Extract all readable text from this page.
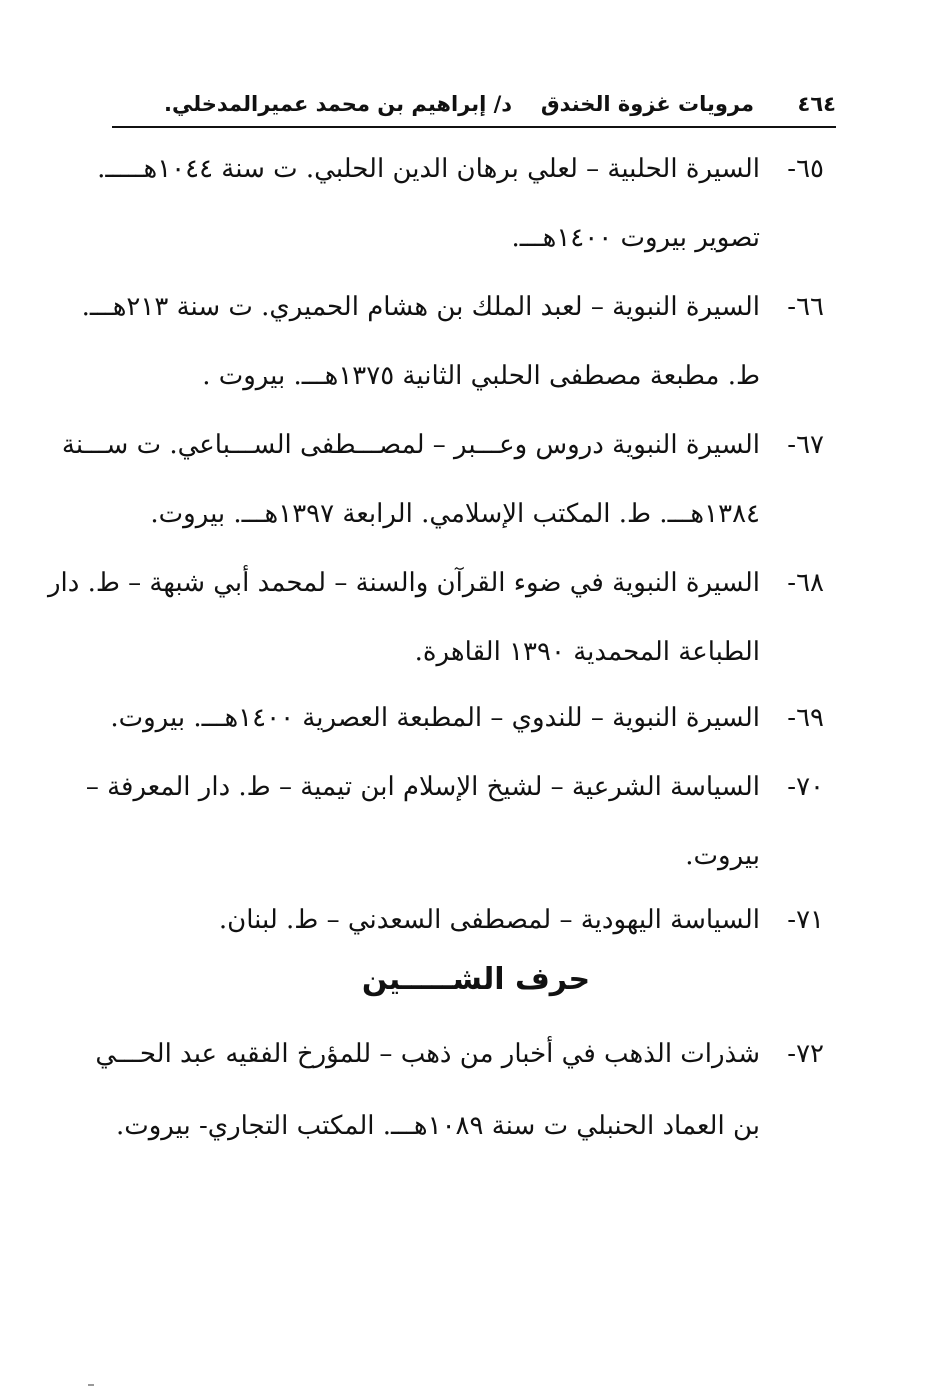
٤٦٤
مرويات غزوة الخندق
د/ إبراهيم بن محمد عميرالمدخلي.
٦٥-
السيرة الحلبية – لعلي برهان الدين الحلبي. ت سنة ١٠٤٤هـــــ.
تصوير بيروت ١٤٠٠هـــ.
٦٦-
السيرة النبوية – لعبد الملك بن هشام الحميري. ت سنة ٢١٣هـــ.
ط. مطبعة مصطفى الحلبي الثانية ١٣٧٥هـــ. بيروت .
٦٧-
السيرة النبوية دروس وعـــبر – لمصـــطفى الســـباعي. ت ســـنة
١٣٨٤هـــ. ط. المكتب الإسلامي. الرابعة ١٣٩٧هـــ. بيروت.
٦٨-
السيرة النبوية في ضوء القرآن والسنة – لمحمد أبي شبهة – ط. دار
الطباعة المحمدية ١٣٩٠ القاهرة.
٦٩-
السيرة النبوية – للندوي – المطبعة العصرية ١٤٠٠هـــ. بيروت.
٧٠-
السياسة الشرعية – لشيخ الإسلام ابن تيمية – ط. دار المعرفة –
بيروت.
٧١-
السياسة اليهودية – لمصطفى السعدني – ط. لبنان.
حرف الشـــــين
٧٢-
شذرات الذهب في أخبار من ذهب – للمؤرخ الفقيه عبد الحـــي
بن العماد الحنبلي ت سنة ١٠٨٩هـــ. المكتب التجاري- بيروت.
